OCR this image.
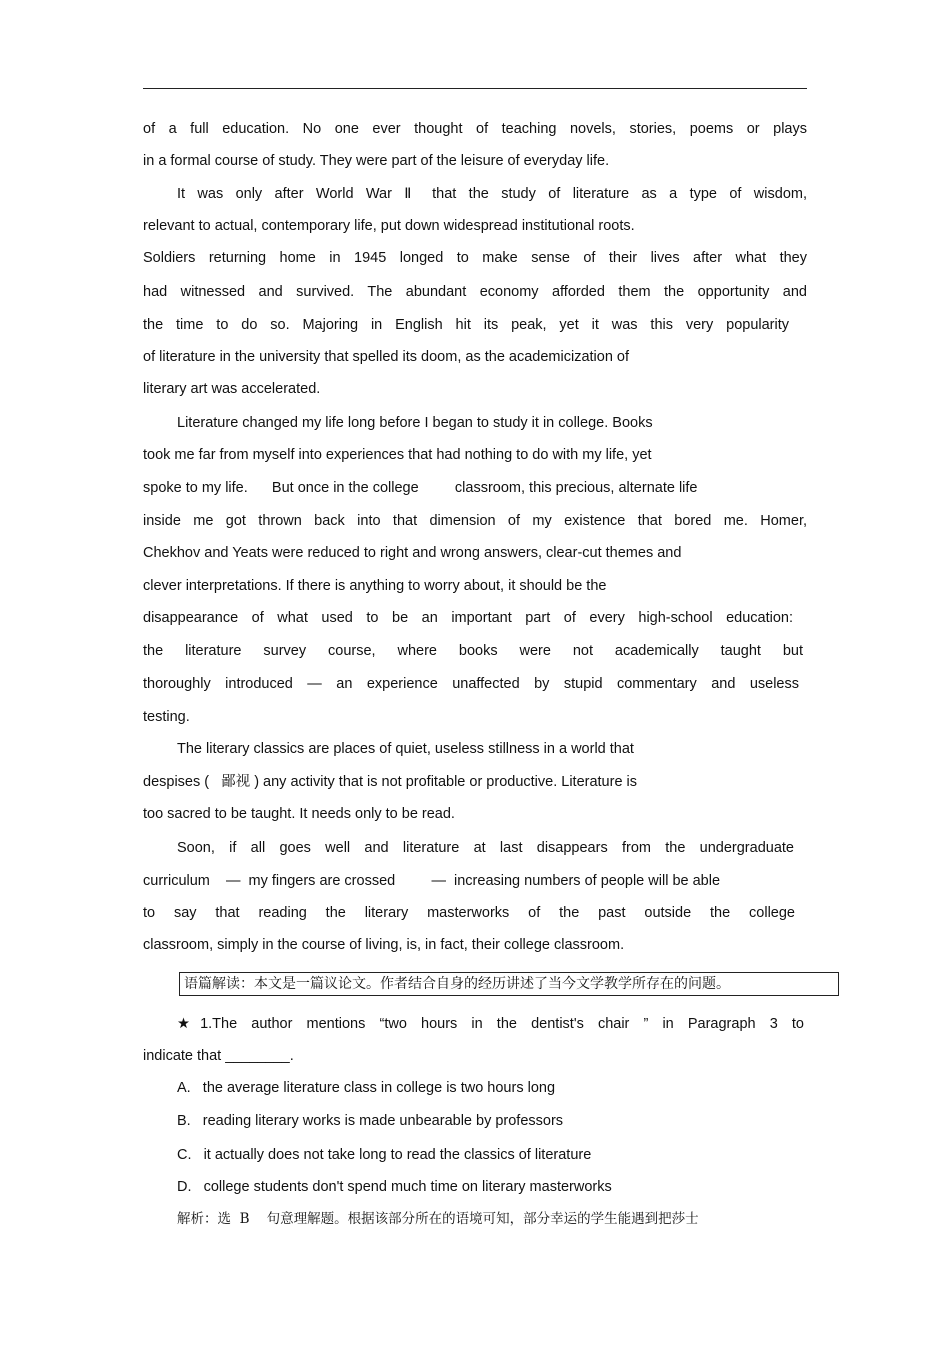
of a full education. No one ever thought of teaching novels, stories, poems or plays
in a formal course of study. They were part of the leisure of everyday life.
It was only after World War Ⅱ that the study of literature as a type of wisdom,
relevant to actual, contemporary life, put down widespread institutional roots.
Soldiers returning home in 1945 longed to make sense of their lives after what they
had witnessed and survived. The abundant economy afforded them the opportunity and
the time to do so. Majoring in English hit its peak, yet it was this very popularity
of literature in the university that spelled its doom, as the academicization of
literary art was accelerated.
Literature changed my life long before I began to study it in college. Books
took me far from myself into experiences that had nothing to do with my life, yet
spoke to my life.      But once in the college         classroom, this precious, alternate life
inside me got thrown back into that dimension of my existence that bored me. Homer,
Chekhov and Yeats were reduced to right and wrong answers, clear-cut themes and
clever interpretations. If there is anything to worry about, it should be the
disappearance of what used to be an important part of every high-school education:
the literature survey course, where books were not academically taught but
thoroughly introduced — an experience unaffected by stupid commentary and useless
testing.
The literary classics are places of quiet, useless stillness in a world that
despises (   鄙视 ) any activity that is not profitable or productive. Literature is
too sacred to be taught. It needs only to be read.
Soon, if all goes well and literature at last disappears from the undergraduate
curriculum    —  my fingers are crossed         —  increasing numbers of people will be able
to say that reading the literary masterworks of the past outside the college
classroom, simply in the course of living, is, in fact, their college classroom.
语篇解读：本文是一篇议论文。作者结合自身的经历讲述了当今文学教学所存在的问题。
★1.The author mentions “two hours in the dentist's chair ” in Paragraph 3 to
indicate that ________.
A.   the average literature class in college is two hours long
B.   reading literary works is made unbearable by professors
C.   it actually does not take long to read the classics of literature
D.   college students don't spend much time on literary masterworks
解析：选  B    句意理解题。根据该部分所在的语境可知，部分幸运的学生能遇到把莎士
